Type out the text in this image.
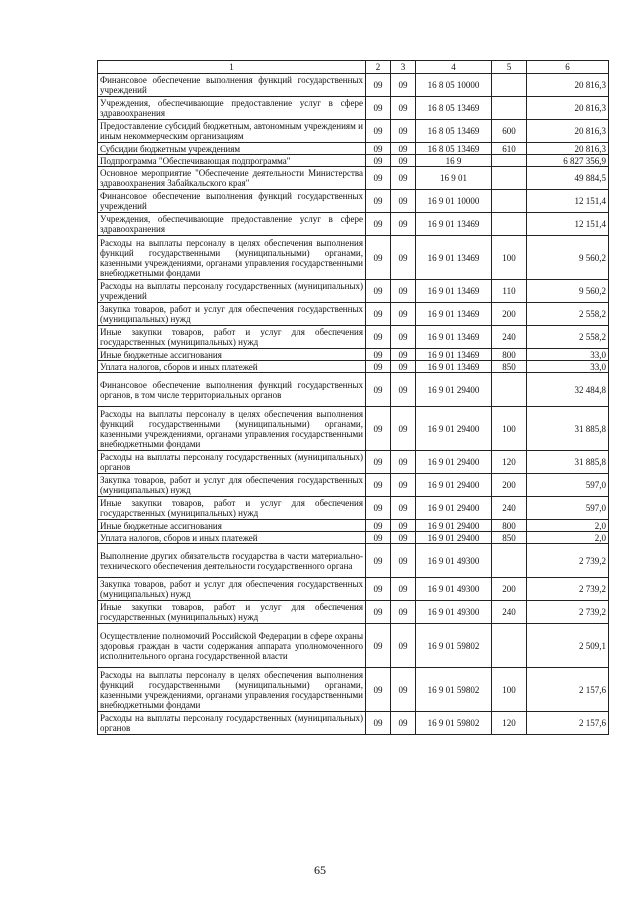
1	2	3	4	5	6
Финансовое обеспечение выполнения функций государственных учреждений	09	09	16 8 05 10000		20 816,3
Учреждения, обеспечивающие предоставление услуг в сфере здравоохранения	09	09	16 8 05 13469		20 816,3
Предоставление субсидий бюджетным, автономным учреждениям и иным некоммерческим организациям	09	09	16 8 05 13469	600	20 816,3
Субсидии бюджетным учреждениям	09	09	16 8 05 13469	610	20 816,3
Подпрограмма "Обеспечивающая подпрограмма"	09	09	16 9		6 827 356,9
Основное мероприятие "Обеспечение деятельности Министерства здравоохранения Забайкальского края"	09	09	16 9 01		49 884,5
Финансовое обеспечение выполнения функций государственных учреждений	09	09	16 9 01 10000		12 151,4
Учреждения, обеспечивающие предоставление услуг в сфере здравоохранения	09	09	16 9 01 13469		12 151,4
Расходы на выплаты персоналу в целях обеспечения выполнения функций государственными (муниципальными) органами, казенными учреждениями, органами управления государственными внебюджетными фондами	09	09	16 9 01 13469	100	9 560,2
Расходы на выплаты персоналу государственных (муниципальных) учреждений	09	09	16 9 01 13469	110	9 560,2
Закупка товаров, работ и услуг для обеспечения государственных (муниципальных) нужд	09	09	16 9 01 13469	200	2 558,2
Иные закупки товаров, работ и услуг для обеспечения государственных (муниципальных) нужд	09	09	16 9 01 13469	240	2 558,2
Иные бюджетные ассигнования	09	09	16 9 01 13469	800	33,0
Уплата налогов, сборов и иных платежей	09	09	16 9 01 13469	850	33,0
Финансовое обеспечение выполнения функций государственных органов, в том числе территориальных органов	09	09	16 9 01 29400		32 484,8
Расходы на выплаты персоналу в целях обеспечения выполнения функций государственными (муниципальными) органами, казенными учреждениями, органами управления государственными внебюджетными фондами	09	09	16 9 01 29400	100	31 885,8
Расходы на выплаты персоналу государственных (муниципальных) органов	09	09	16 9 01 29400	120	31 885,8
Закупка товаров, работ и услуг для обеспечения государственных (муниципальных) нужд	09	09	16 9 01 29400	200	597,0
Иные закупки товаров, работ и услуг для обеспечения государственных (муниципальных) нужд	09	09	16 9 01 29400	240	597,0
Иные бюджетные ассигнования	09	09	16 9 01 29400	800	2,0
Уплата налогов, сборов и иных платежей	09	09	16 9 01 29400	850	2,0
Выполнение других обязательств государства в части материально-технического обеспечения деятельности государственного органа	09	09	16 9 01 49300		2 739,2
Закупка товаров, работ и услуг для обеспечения государственных (муниципальных) нужд	09	09	16 9 01 49300	200	2 739,2
Иные закупки товаров, работ и услуг для обеспечения государственных (муниципальных) нужд	09	09	16 9 01 49300	240	2 739,2
Осуществление полномочий Российской Федерации в сфере охраны здоровья граждан в части содержания аппарата уполномоченного исполнительного органа государственной власти	09	09	16 9 01 59802		2 509,1
Расходы на выплаты персоналу в целях обеспечения выполнения функций государственными (муниципальными) органами, казенными учреждениями, органами управления государственными внебюджетными фондами	09	09	16 9 01 59802	100	2 157,6
Расходы на выплаты персоналу государственных (муниципальных) органов	09	09	16 9 01 59802	120	2 157,6
65
